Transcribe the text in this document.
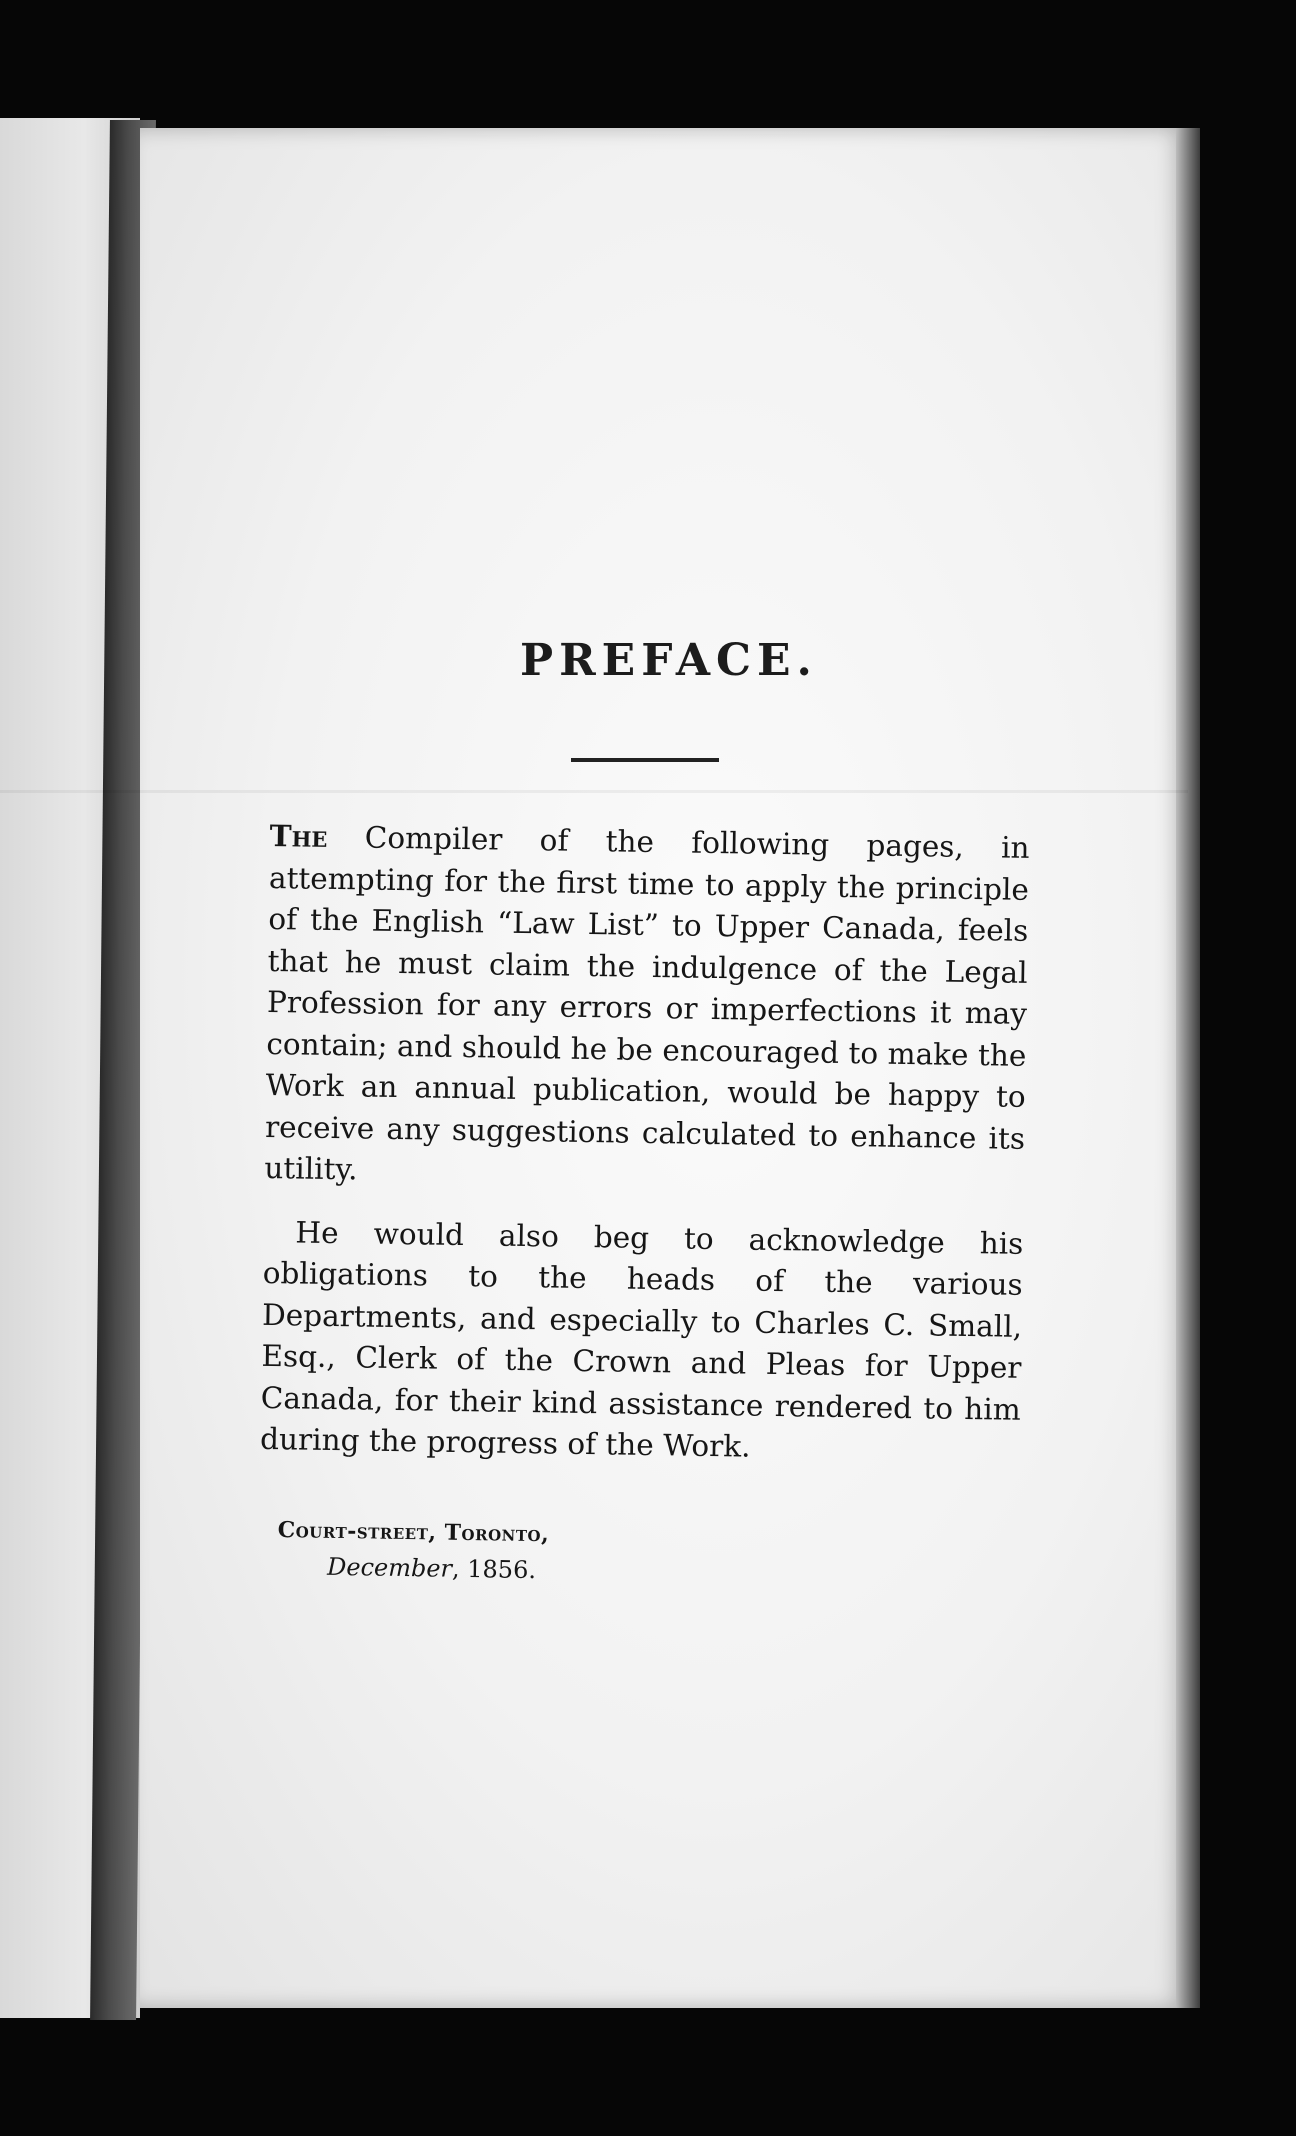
PREFACE.

The Compiler of the following pages, in attempting for the first time to apply the principle of the English “Law List” to Upper Canada, feels that he must claim the indulgence of the Legal Profession for any errors or imperfections it may contain; and should he be encouraged to make the Work an annual publication, would be happy to receive any suggestions calculated to enhance its utility.

He would also beg to acknowledge his obligations to the heads of the various Departments, and especially to Charles C. Small, Esq., Clerk of the Crown and Pleas for Upper Canada, for their kind assistance rendered to him during the progress of the Work.

Court-street, Toronto,
December, 1856.
